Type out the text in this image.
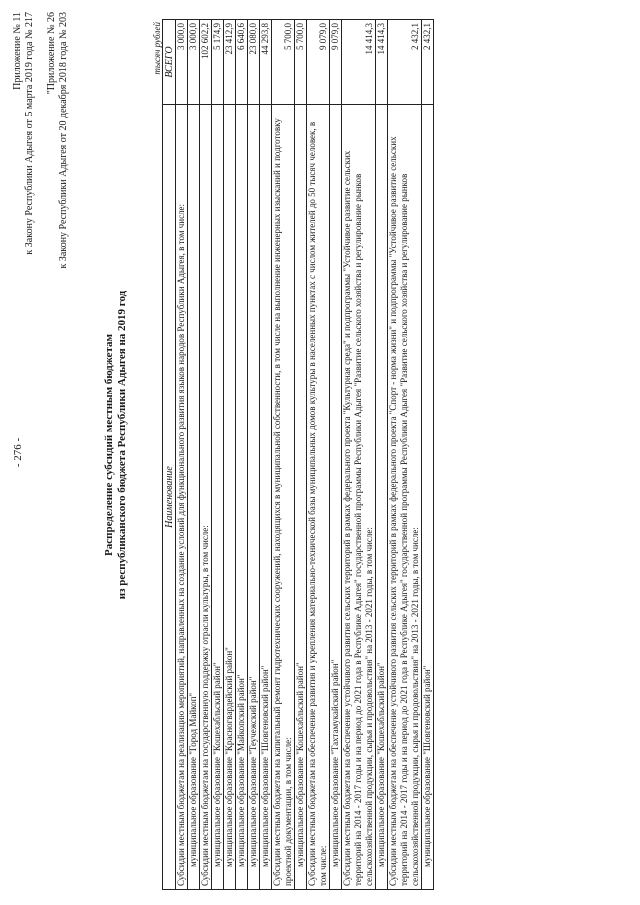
- 276 -
Приложение № 11 к Закону Республики Адыгея от 5 марта 2019 года № 217 "Приложение № 26 к Закону Республики Адыгея от 20 декабря 2018 года № 203
Распределение субсидий местным бюджетам из республиканского бюджета Республики Адыгея на 2019 год
тысяч рублей
Наименование	ВСЕГО
Субсидии местным бюджетам на реализацию мероприятий, направленных на создание условий для функционального развития языков народов Республики Адыгея, в том числе:	3 000,0
муниципальное образование "Город Майкоп"	3 000,0
Субсидии местным бюджетам на государственную поддержку отрасли культуры, в том числе:	102 602,2
муниципальное образование "Кошехабльский район"	5 174,9
муниципальное образование "Красногвардейский район"	23 412,9
муниципальное образование "Майкопский район"	6 640,6
муниципальное образование "Теучежский район"	23 080,0
муниципальное образование "Шовгеновский район"	44 293,8
Субсидии местным бюджетам на капитальный ремонт гидротехнических сооружений, находящихся в муниципальной собственности, в том числе на выполнение инженерных изысканий и подготовку проектной документации, в том числе:	5 700,0
муниципальное образование "Кошехабльский район"	5 700,0
Субсидии местным бюджетам на обеспечение развития и укрепления материально-технической базы муниципальных домов культуры в населенных пунктах с числом жителей до 50 тысяч человек, в том числе:	9 079,0
муниципальное образование "Тахтамукайский район"	9 079,0
Субсидии местным бюджетам на обеспечение устойчивого развития сельских территорий в рамках федерального проекта "Культурная среда" и подпрограммы "Устойчивое развитие сельских территорий на 2014 - 2017 годы и на период до 2021 года в Республике Адыгея" государственной программы Республики Адыгея "Развитие сельского хозяйства и регулирование рынков сельскохозяйственной продукции, сырья и продовольствия" на 2013 - 2021 годы, в том числе:	14 414,3
муниципальное образование "Кошехабльский район"	14 414,3
Субсидии местным бюджетам на обеспечение устойчивого развития сельских территорий в рамках федерального проекта "Спорт - норма жизни" и подпрограммы "Устойчивое развитие сельских территорий на 2014 - 2017 годы и на период до 2021 года в Республике Адыгея" государственной программы Республики Адыгея "Развитие сельского хозяйства и регулирование рынков сельскохозяйственной продукции, сырья и продовольствия" на 2013 - 2021 годы, в том числе:	2 432,1
муниципальное образование "Шовгеновский район"	2 432,1
